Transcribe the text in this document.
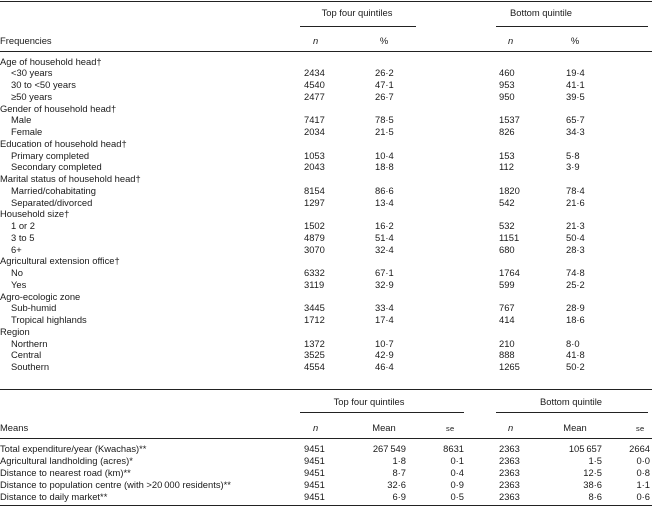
Top four quintiles	Bottom quintile
Frequencies	n	%	n	%
Age of household head†
<30 years	2434	26·2	460	19·4
30 to <50 years	4540	47·1	953	41·1
≥50 years	2477	26·7	950	39·5
Gender of household head†
Male	7417	78·5	1537	65·7
Female	2034	21·5	826	34·3
Education of household head†
Primary completed	1053	10·4	153	5·8
Secondary completed	2043	18·8	112	3·9
Marital status of household head†
Married/cohabitating	8154	86·6	1820	78·4
Separated/divorced	1297	13·4	542	21·6
Household size†
1 or 2	1502	16·2	532	21·3
3 to 5	4879	51·4	1151	50·4
6+	3070	32·4	680	28·3
Agricultural extension office†
No	6332	67·1	1764	74·8
Yes	3119	32·9	599	25·2
Agro-ecologic zone
Sub-humid	3445	33·4	767	28·9
Tropical highlands	1712	17·4	414	18·6
Region
Northern	1372	10·7	210	8·0
Central	3525	42·9	888	41·8
Southern	4554	46·4	1265	50·2
Top four quintiles	Bottom quintile
Means	n	Mean	se	n	Mean	se
Total expenditure/year (Kwachas)**	9451	267 549	8631	2363	105 657	2664
Agricultural landholding (acres)*	9451	1·8	0·1	2363	1·5	0·0
Distance to nearest road (km)**	9451	8·7	0·4	2363	12·5	0·8
Distance to population centre (with >20 000 residents)**	9451	32·6	0·9	2363	38·6	1·1
Distance to daily market**	9451	6·9	0·5	2363	8·6	0·6
